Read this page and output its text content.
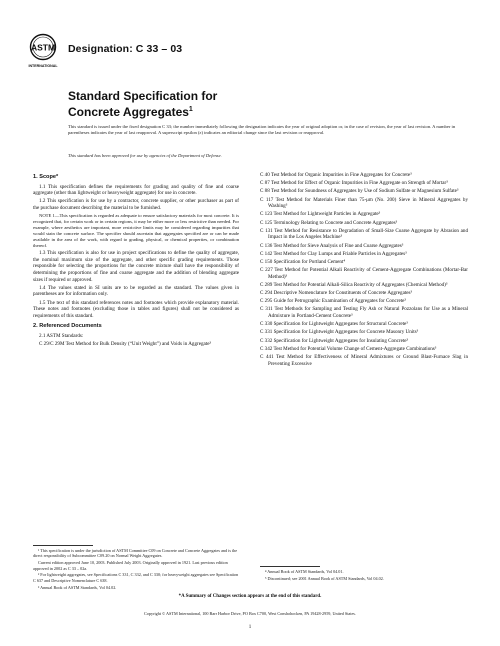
ASTM
INTERNATIONAL
Designation: C 33 – 03
Standard Specification for
Concrete Aggregates$^1$
This standard is issued under the fixed designation C 33; the number immediately following the designation indicates the year of original adoption or, in the case of revision, the year of last revision. A number in parentheses indicates the year of last reapproval. A superscript epsilon (ε) indicates an editorial change since the last revision or reapproval.
This standard has been approved for use by agencies of the Department of Defense.
1. Scope*

1.1 This specification defines the requirements for grading and quality of fine and coarse aggregate (other than lightweight or heavyweight aggregate) for use in concrete.

1.2 This specification is for use by a contractor, concrete supplier, or other purchaser as part of the purchase document describing the material to be furnished.

NOTE 1—This specification is regarded as adequate to ensure satisfactory materials for most concrete. It is recognized that, for certain work or in certain regions, it may be either more or less restrictive than needed. For example, where aesthetics are important, more restrictive limits may be considered regarding impurities that would stain the concrete surface. The specifier should ascertain that aggregates specified are or can be made available in the area of the work, with regard to grading, physical, or chemical properties, or combination thereof.

1.3 This specification is also for use in project specifications to define the quality of aggregate, the nominal maximum size of the aggregate, and other specific grading requirements. Those responsible for selecting the proportions for the concrete mixture shall have the responsibility of determining the proportions of fine and coarse aggregate and the addition of blending aggregate sizes if required or approved.

1.4 The values stated in SI units are to be regarded as the standard. The values given in parentheses are for information only.

1.5 The text of this standard references notes and footnotes which provide explanatory material. These notes and footnotes (excluding those in tables and figures) shall not be considered as requirements of this standard.

2. Referenced Documents

2.1 ASTM Standards:

C 29/C 29M Test Method for Bulk Density (“Unit Weight”) and Voids in Aggregate³

C 40 Test Method for Organic Impurities in Fine Aggregates for Concrete³

C 87 Test Method for Effect of Organic Impurities in Fine Aggregate on Strength of Mortar³

C 88 Test Method for Soundness of Aggregates by Use of Sodium Sulfate or Magnesium Sulfate³

C 117 Test Method for Materials Finer than 75-μm (No. 200) Sieve in Mineral Aggregates by Washing³

C 123 Test Method for Lightweight Particles in Aggregate³

C 125 Terminology Relating to Concrete and Concrete Aggregates³

C 131 Test Method for Resistance to Degradation of Small-Size Coarse Aggregate by Abrasion and Impact in the Los Angeles Machine³

C 136 Test Method for Sieve Analysis of Fine and Coarse Aggregates³

C 142 Test Method for Clay Lumps and Friable Particles in Aggregates³

C 150 Specification for Portland Cement⁴

C 227 Test Method for Potential Alkali Reactivity of Cement-Aggregate Combinations (Mortar-Bar Method)³

C 289 Test Method for Potential Alkali-Silica Reactivity of Aggregates (Chemical Method)³

C 294 Descriptive Nomenclature for Constituents of Concrete Aggregates³

C 295 Guide for Petrographic Examination of Aggregates for Concrete³

C 311 Test Methods for Sampling and Testing Fly Ash or Natural Pozzolans for Use as a Mineral Admixture in Portland-Cement Concrete³

C 330 Specification for Lightweight Aggregates for Structural Concrete³

C 331 Specification for Lightweight Aggregates for Concrete Masonry Units³

C 332 Specification for Lightweight Aggregates for Insulating Concrete³

C 342 Test Method for Potential Volume Change of Cement-Aggregate Combinations³

C 441 Test Method for Effectiveness of Mineral Admixtures or Ground Blast-Furnace Slag in Preventing Excessive

¹ This specification is under the jurisdiction of ASTM Committee C09 on Concrete and Concrete Aggregates and is the direct responsibility of Subcommittee C09.20 on Normal Weight Aggregates.

Current edition approved June 10, 2003. Published July 2003. Originally approved in 1921. Last previous edition approved in 2002 as C 33 – 02a.

² For lightweight aggregates, see Specifications C 331, C 332, and C 330; for heavyweight aggregates see Specification C 637 and Descriptive Nomenclature C 638.

³ Annual Book of ASTM Standards, Vol 04.02.

⁴ Annual Book of ASTM Standards, Vol 04.01.

⁵ Discontinued; see 2001 Annual Book of ASTM Standards, Vol 04.02.

*A Summary of Changes section appears at the end of this standard.
Copyright © ASTM International, 100 Barr Harbor Drive, PO Box C700, West Conshohocken, PA 19428-2959, United States.
1
